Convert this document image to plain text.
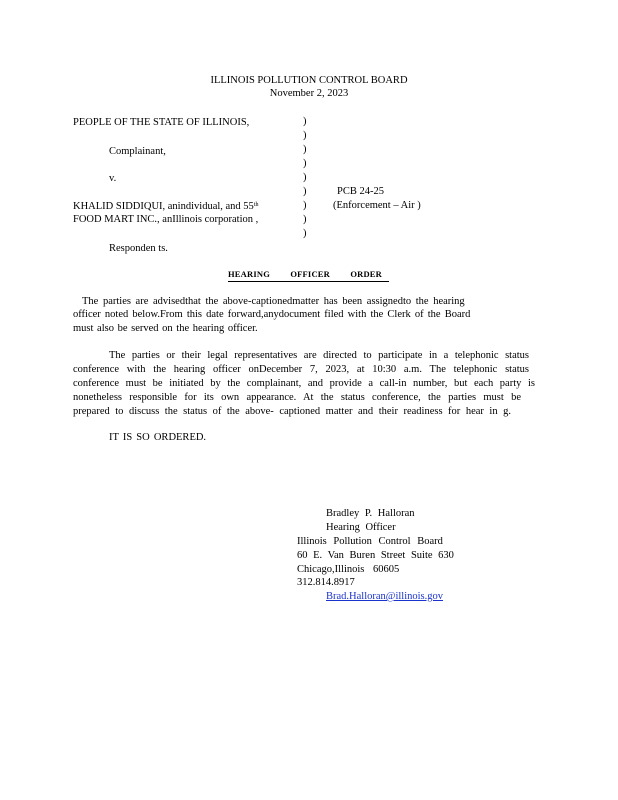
ILLINOIS POLLUTION CONTROL BOARD
November 2, 2023
PEOPLE OF THE STATE OF ILLINOIS,
Complainant,
v.
KHALID SIDDIQUI, anindividual, and 55th
FOOD MART INC., anIllinois corporation ,
Responden ts.
)
)
)
)
)
)
)
)
)
PCB 24-25
(Enforcement – Air )
HEARING OFFICER ORDER
The parties are advisedthat the above-captionedmatter has been assignedto the hearing
officer noted below.From this date forward,anydocument filed with the Clerk of the Board
must also be served on the hearing officer.
The parties or their legal representatives are directed to participate in a telephonic status
conference with the hearing officer onDecember 7, 2023, at 10:30 a.m. The telephonic status
conference must be initiated by the complainant, and provide a call-in number, but each party is
nonetheless responsible for its own appearance. At the status conference, the parties must be
prepared to discuss the status of the above- captioned matter and their readiness for hear in g.
IT IS SO ORDERED.
Bradley P. Halloran
Hearing Officer
Illinois Pollution Control Board
60 E. Van Buren Street Suite 630
Chicago,Illinois 60605
312.814.8917
Brad.Halloran@illinois.gov
